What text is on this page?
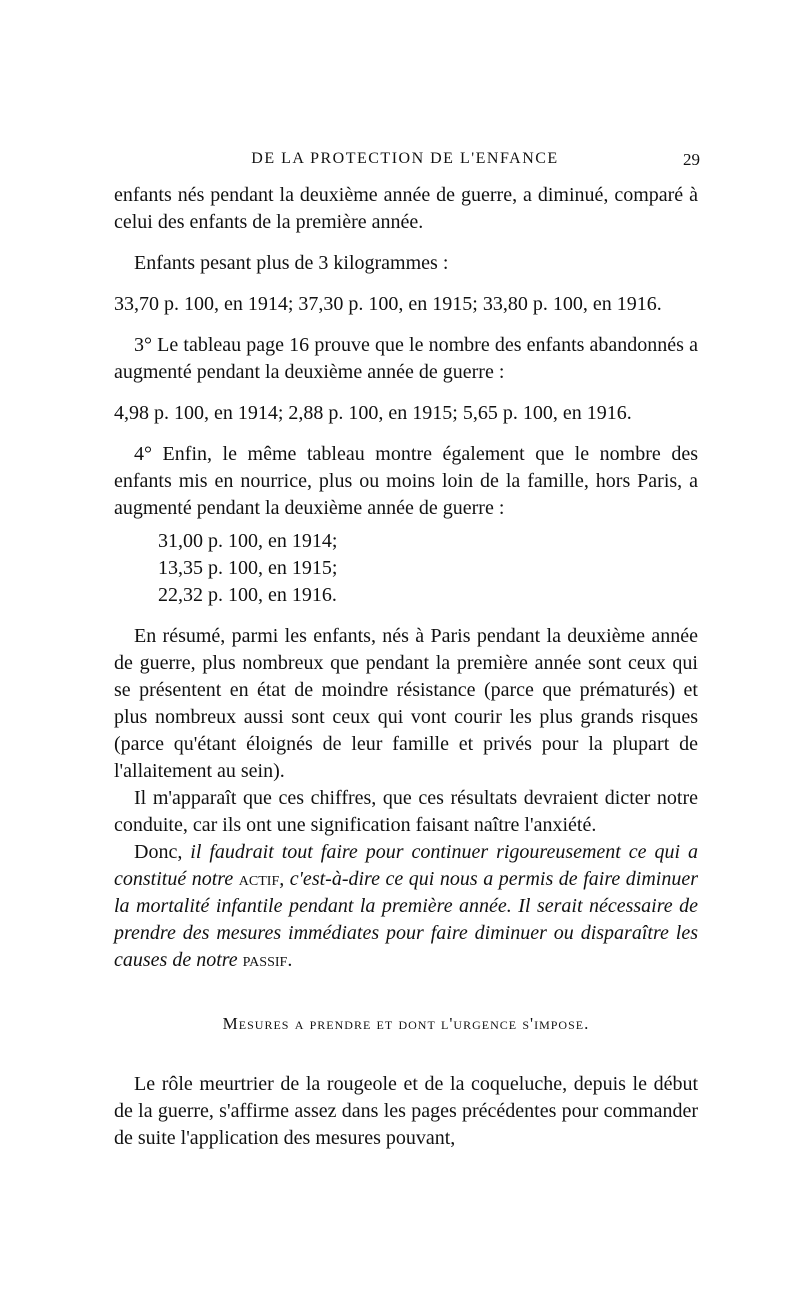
DE LA PROTECTION DE L'ENFANCE	29

enfants nés pendant la deuxième année de guerre, a diminué, comparé à celui des enfants de la première année.

Enfants pesant plus de 3 kilogrammes :

33,70 p. 100, en 1914; 37,30 p. 100, en 1915; 33,80 p. 100, en 1916.

3° Le tableau page 16 prouve que le nombre des enfants abandonnés a augmenté pendant la deuxième année de guerre :

4,98 p. 100, en 1914; 2,88 p. 100, en 1915; 5,65 p. 100, en 1916.

4° Enfin, le même tableau montre également que le nombre des enfants mis en nourrice, plus ou moins loin de la famille, hors Paris, a augmenté pendant la deuxième année de guerre :

31,00 p. 100, en 1914;
13,35 p. 100, en 1915;
22,32 p. 100, en 1916.

En résumé, parmi les enfants, nés à Paris pendant la deuxième année de guerre, plus nombreux que pendant la première année sont ceux qui se présentent en état de moindre résistance (parce que prématurés) et plus nombreux aussi sont ceux qui vont courir les plus grands risques (parce qu'étant éloignés de leur famille et privés pour la plupart de l'allaitement au sein).

Il m'apparaît que ces chiffres, que ces résultats devraient dicter notre conduite, car ils ont une signification faisant naître l'anxiété.

Donc, il faudrait tout faire pour continuer rigoureusement ce qui a constitué notre actif, c'est-à-dire ce qui nous a permis de faire diminuer la mortalité infantile pendant la première année. Il serait nécessaire de prendre des mesures immédiates pour faire diminuer ou disparaître les causes de notre passif.

Mesures a prendre et dont l'urgence s'impose.

Le rôle meurtrier de la rougeole et de la coqueluche, depuis le début de la guerre, s'affirme assez dans les pages précédentes pour commander de suite l'application des mesures pouvant,
